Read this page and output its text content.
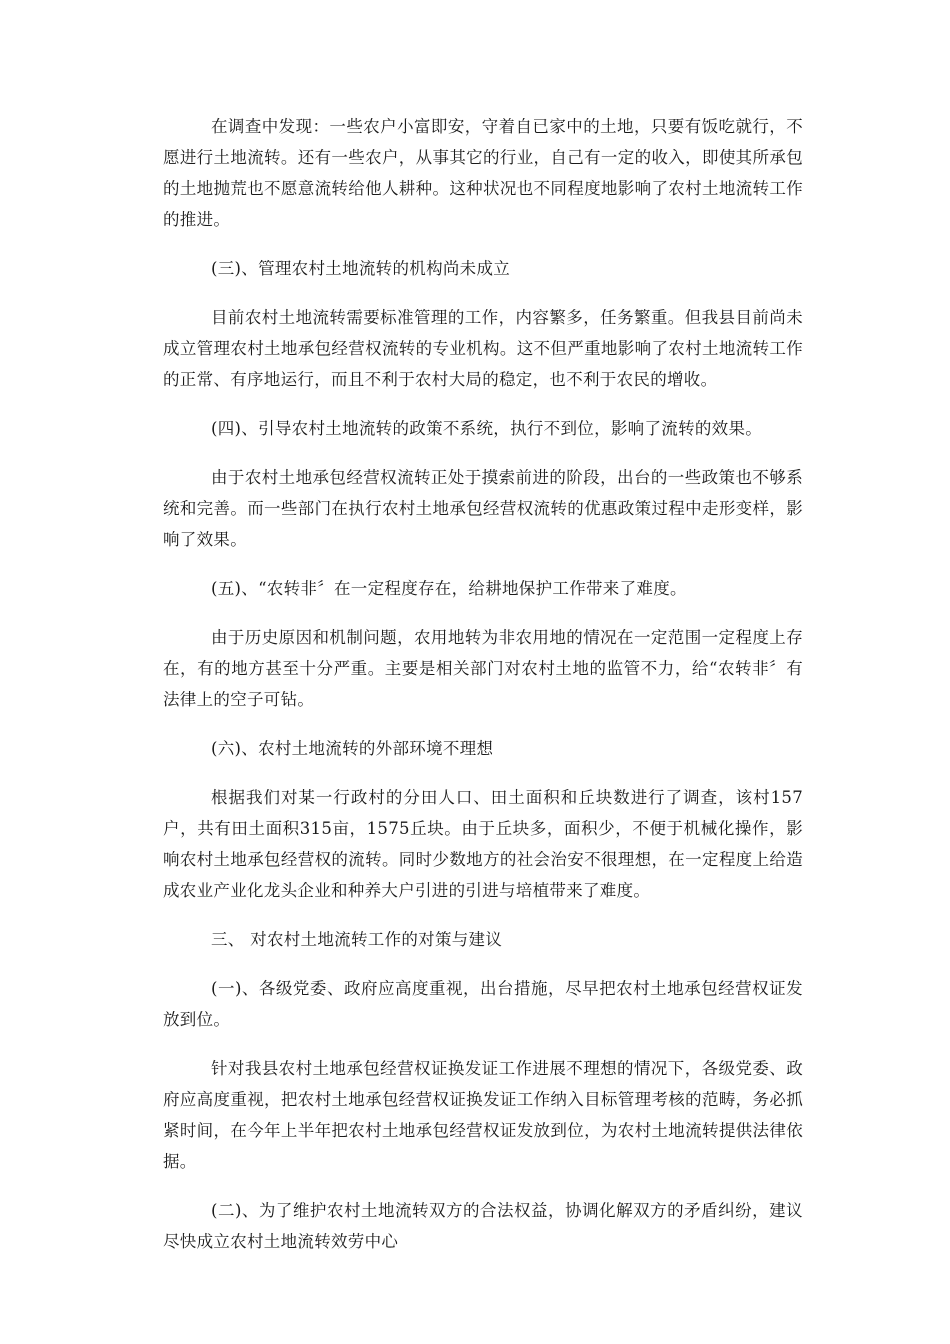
在调查中发现：一些农户小富即安，守着自已家中的土地，只要有饭吃就行，不愿进行土地流转。还有一些农户，从事其它的行业，自己有一定的收入，即使其所承包的土地抛荒也不愿意流转给他人耕种。这种状况也不同程度地影响了农村土地流转工作的推进。

(三)、管理农村土地流转的机构尚未成立

目前农村土地流转需要标准管理的工作，内容繁多，任务繁重。但我县目前尚未成立管理农村土地承包经营权流转的专业机构。这不但严重地影响了农村土地流转工作的正常、有序地运行，而且不利于农村大局的稳定，也不利于农民的增收。

(四)、引导农村土地流转的政策不系统，执行不到位，影响了流转的效果。

由于农村土地承包经营权流转正处于摸索前进的阶段，出台的一些政策也不够系统和完善。而一些部门在执行农村土地承包经营权流转的优惠政策过程中走形变样，影响了效果。

(五)、“农转非〞在一定程度存在，给耕地保护工作带来了难度。

由于历史原因和机制问题，农用地转为非农用地的情况在一定范围一定程度上存在，有的地方甚至十分严重。主要是相关部门对农村土地的监管不力，给“农转非〞有法律上的空子可钻。

(六)、农村土地流转的外部环境不理想

根据我们对某一行政村的分田人口、田土面积和丘块数进行了调查，该村157户，共有田土面积315亩，1575丘块。由于丘块多，面积少，不便于机械化操作，影响农村土地承包经营权的流转。同时少数地方的社会治安不很理想，在一定程度上给造成农业产业化龙头企业和种养大户引进的引进与培植带来了难度。

三、 对农村土地流转工作的对策与建议

(一)、各级党委、政府应高度重视，出台措施，尽早把农村土地承包经营权证发放到位。

针对我县农村土地承包经营权证换发证工作进展不理想的情况下，各级党委、政府应高度重视，把农村土地承包经营权证换发证工作纳入目标管理考核的范畴，务必抓紧时间，在今年上半年把农村土地承包经营权证发放到位，为农村土地流转提供法律依据。

(二)、为了维护农村土地流转双方的合法权益，协调化解双方的矛盾纠纷，建议尽快成立农村土地流转效劳中心
